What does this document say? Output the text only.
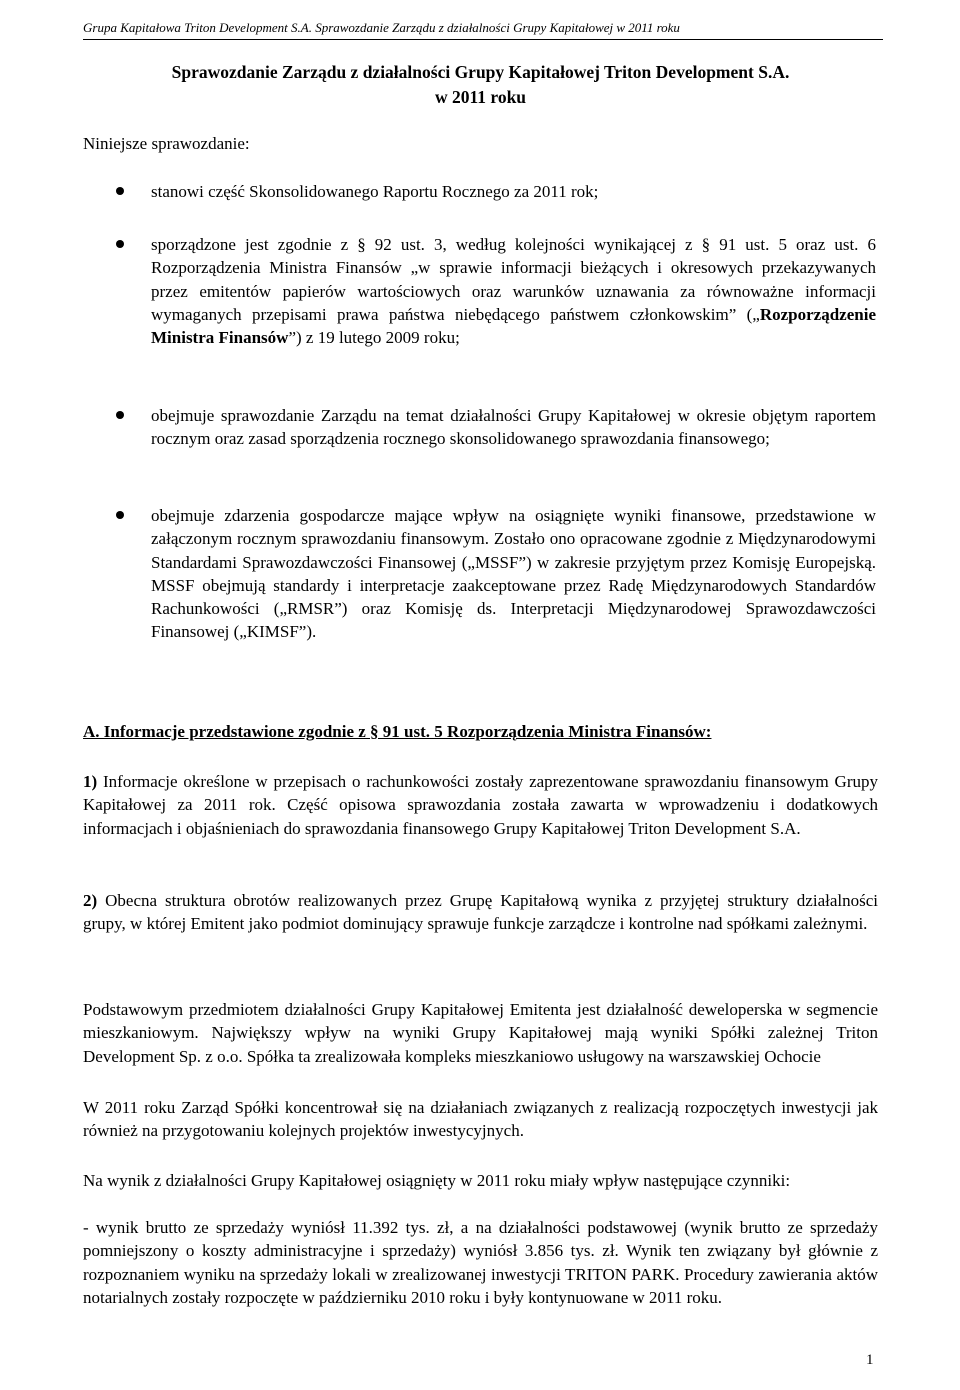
Grupa Kapitałowa Triton Development S.A. Sprawozdanie Zarządu z działalności Grupy Kapitałowej w 2011 roku
Sprawozdanie Zarządu z działalności Grupy Kapitałowej Triton Development S.A.
w 2011 roku
Niniejsze sprawozdanie:
stanowi część Skonsolidowanego Raportu Rocznego za 2011 rok;
sporządzone jest zgodnie z § 92 ust. 3, według kolejności wynikającej z § 91 ust. 5 oraz ust. 6 Rozporządzenia Ministra Finansów „w sprawie informacji bieżących i okresowych przekazywanych przez emitentów papierów wartościowych oraz warunków uznawania za równoważne informacji wymaganych przepisami prawa państwa niebędącego państwem członkowskim” („Rozporządzenie Ministra Finansów”) z 19 lutego 2009 roku;
obejmuje sprawozdanie Zarządu na temat działalności Grupy Kapitałowej w okresie objętym raportem rocznym oraz zasad sporządzenia rocznego skonsolidowanego sprawozdania finansowego;
obejmuje zdarzenia gospodarcze mające wpływ na osiągnięte wyniki finansowe, przedstawione w załączonym rocznym sprawozdaniu finansowym. Zostało ono opracowane zgodnie z Międzynarodowymi Standardami Sprawozdawczości Finansowej („MSSF”) w zakresie przyjętym przez Komisję Europejską. MSSF obejmują standardy i interpretacje zaakceptowane przez Radę Międzynarodowych Standardów Rachunkowości („RMSR”) oraz Komisję ds. Interpretacji Międzynarodowej Sprawozdawczości Finansowej („KIMSF”).
A. Informacje przedstawione zgodnie z § 91 ust. 5 Rozporządzenia Ministra Finansów:
1) Informacje określone w przepisach o rachunkowości zostały zaprezentowane sprawozdaniu finansowym Grupy Kapitałowej za 2011 rok. Część opisowa sprawozdania została zawarta w wprowadzeniu i dodatkowych informacjach i objaśnieniach do sprawozdania finansowego Grupy Kapitałowej Triton Development S.A.
2) Obecna struktura obrotów realizowanych przez Grupę Kapitałową wynika z przyjętej struktury działalności grupy, w której Emitent jako podmiot dominujący sprawuje funkcje zarządcze i kontrolne nad spółkami zależnymi.
Podstawowym przedmiotem działalności Grupy Kapitałowej Emitenta jest działalność deweloperska w segmencie mieszkaniowym. Największy wpływ na wyniki Grupy Kapitałowej mają wyniki Spółki zależnej Triton Development Sp. z o.o. Spółka ta zrealizowała kompleks mieszkaniowo usługowy na warszawskiej Ochocie
W 2011 roku Zarząd Spółki koncentrował się na działaniach związanych z realizacją rozpoczętych inwestycji jak również na przygotowaniu kolejnych projektów inwestycyjnych.
Na wynik z działalności Grupy Kapitałowej osiągnięty w 2011 roku miały wpływ następujące czynniki:
- wynik brutto ze sprzedaży wyniósł 11.392 tys. zł, a na działalności podstawowej (wynik brutto ze sprzedaży pomniejszony o koszty administracyjne i sprzedaży) wyniósł 3.856 tys. zł. Wynik ten związany był głównie z rozpoznaniem wyniku na sprzedaży lokali w zrealizowanej inwestycji TRITON PARK. Procedury zawierania aktów notarialnych zostały rozpoczęte w październiku 2010 roku i były kontynuowane w 2011 roku.
1
